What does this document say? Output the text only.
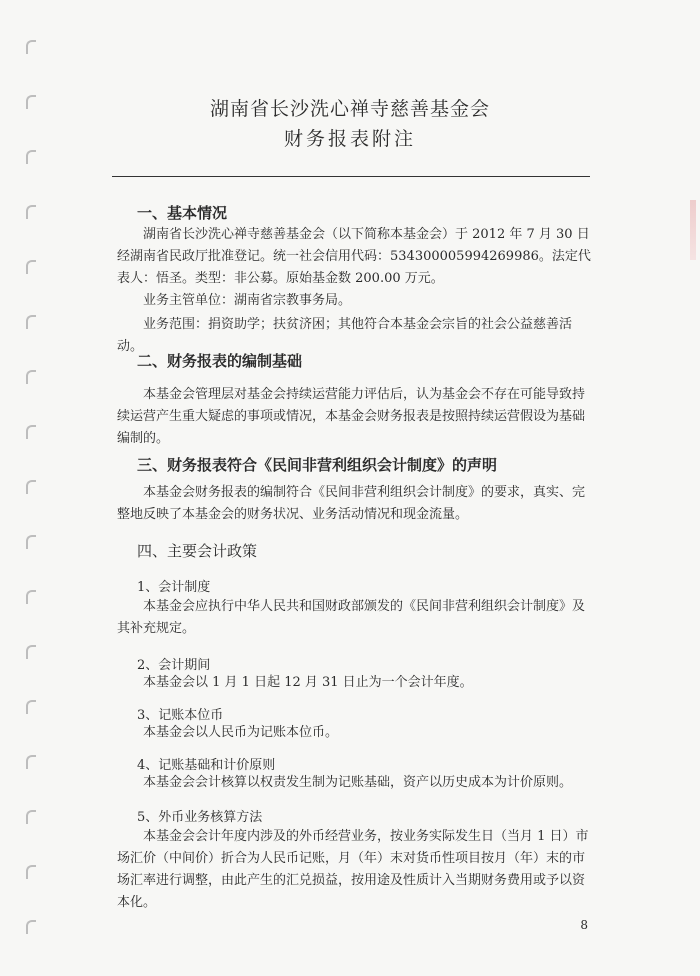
湖南省长沙洗心禅寺慈善基金会
财务报表附注
一、基本情况

湖南省长沙洗心禅寺慈善基金会（以下简称本基金会）于 2012 年 7 月 30 日经湖南省民政厅批准登记。统一社会信用代码：534300005994269986。法定代表人：悟圣。类型：非公募。原始基金数 200.00 万元。

业务主管单位：湖南省宗教事务局。

业务范围：捐资助学；扶贫济困；其他符合本基金会宗旨的社会公益慈善活动。

二、财务报表的编制基础

本基金会管理层对基金会持续运营能力评估后，认为基金会不存在可能导致持续运营产生重大疑虑的事项或情况，本基金会财务报表是按照持续运营假设为基础编制的。

三、财务报表符合《民间非营利组织会计制度》的声明

本基金会财务报表的编制符合《民间非营利组织会计制度》的要求，真实、完整地反映了本基金会的财务状况、业务活动情况和现金流量。

四、主要会计政策
1、会计制度

本基金会应执行中华人民共和国财政部颁发的《民间非营利组织会计制度》及其补充规定。

2、会计期间

本基金会以 1 月 1 日起 12 月 31 日止为一个会计年度。

3、记账本位币

本基金会以人民币为记账本位币。

4、记账基础和计价原则

本基金会会计核算以权责发生制为记账基础，资产以历史成本为计价原则。

5、外币业务核算方法

本基金会会计年度内涉及的外币经营业务，按业务实际发生日（当月 1 日）市场汇价（中间价）折合为人民币记账，月（年）末对货币性项目按月（年）末的市场汇率进行调整，由此产生的汇兑损益，按用途及性质计入当期财务费用或予以资本化。

8
